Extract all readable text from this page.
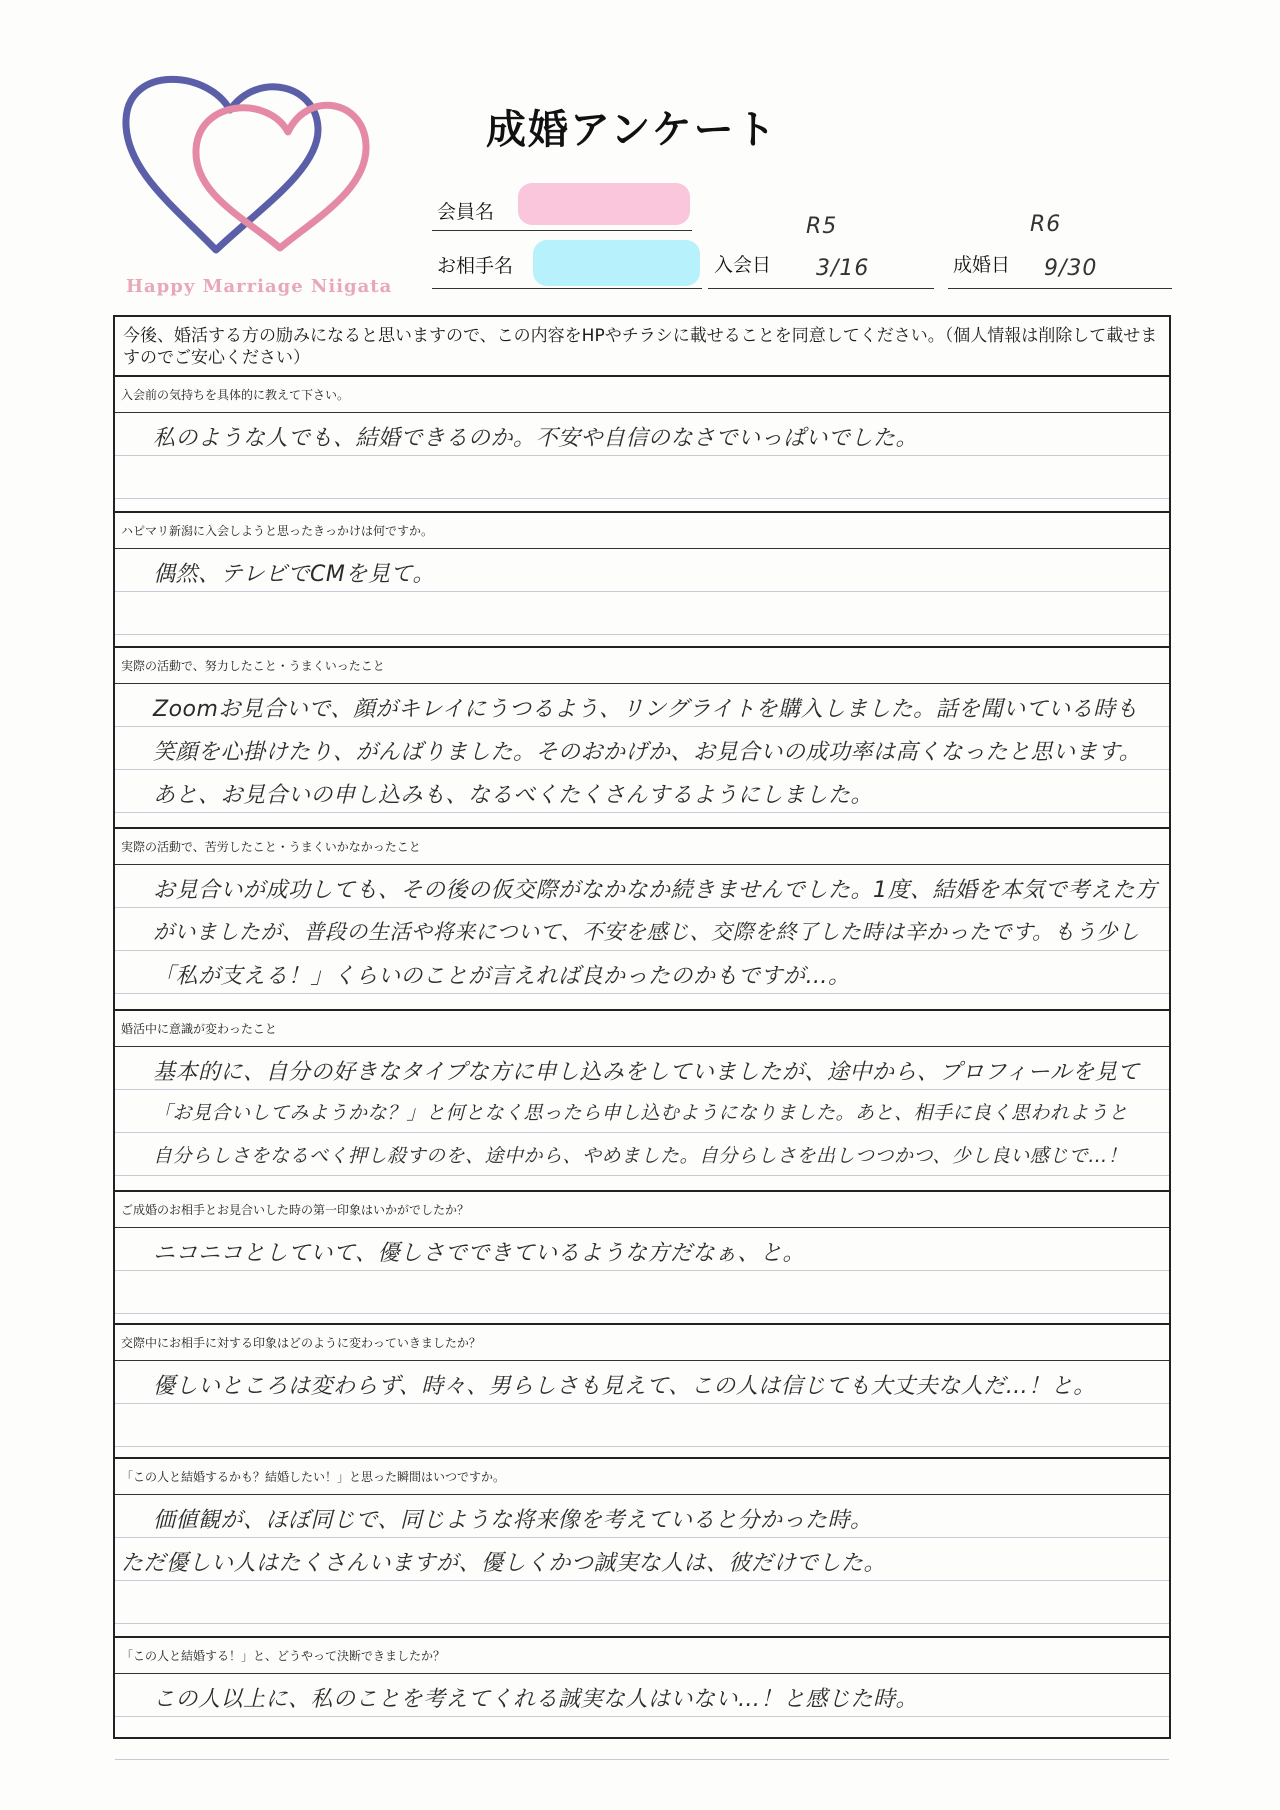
Happy Marriage Niigata
成婚アンケート
会員名
お相手名	入会日
R5
3/16	成婚日
R6
9/30
今後、婚活する方の励みになると思いますので、この内容をHPやチラシに載せることを同意してください。（個人情報は削除して載せますのでご安心ください）
入会前の気持ちを具体的に教えて下さい。
私のような人でも、結婚できるのか。不安や自信のなさでいっぱいでした。
ハピマリ新潟に入会しようと思ったきっかけは何ですか。
偶然、テレビでCMを見て。
実際の活動で、努力したこと・うまくいったこと
Zoomお見合いで、顔がキレイにうつるよう、リングライトを購入しました。話を聞いている時も
笑顔を心掛けたり、がんばりました。そのおかげか、お見合いの成功率は高くなったと思います。
あと、お見合いの申し込みも、なるべくたくさんするようにしました。
実際の活動で、苦労したこと・うまくいかなかったこと
お見合いが成功しても、その後の仮交際がなかなか続きませんでした。1度、結婚を本気で考えた方
がいましたが、普段の生活や将来について、不安を感じ、交際を終了した時は辛かったです。もう少し
「私が支える！」くらいのことが言えれば良かったのかもですが…。
婚活中に意識が変わったこと
基本的に、自分の好きなタイプな方に申し込みをしていましたが、途中から、プロフィールを見て
「お見合いしてみようかな？」と何となく思ったら申し込むようになりました。あと、相手に良く思われようと
自分らしさをなるべく押し殺すのを、途中から、やめました。自分らしさを出しつつかつ、少し良い感じで…！
ご成婚のお相手とお見合いした時の第一印象はいかがでしたか？
ニコニコとしていて、優しさでできているような方だなぁ、と。
交際中にお相手に対する印象はどのように変わっていきましたか？
優しいところは変わらず、時々、男らしさも見えて、この人は信じても大丈夫な人だ…！と。
「この人と結婚するかも？結婚したい！」と思った瞬間はいつですか。
価値観が、ほぼ同じで、同じような将来像を考えていると分かった時。
ただ優しい人はたくさんいますが、優しくかつ誠実な人は、彼だけでした。
「この人と結婚する！」と、どうやって決断できましたか？
この人以上に、私のことを考えてくれる誠実な人はいない…！と感じた時。
